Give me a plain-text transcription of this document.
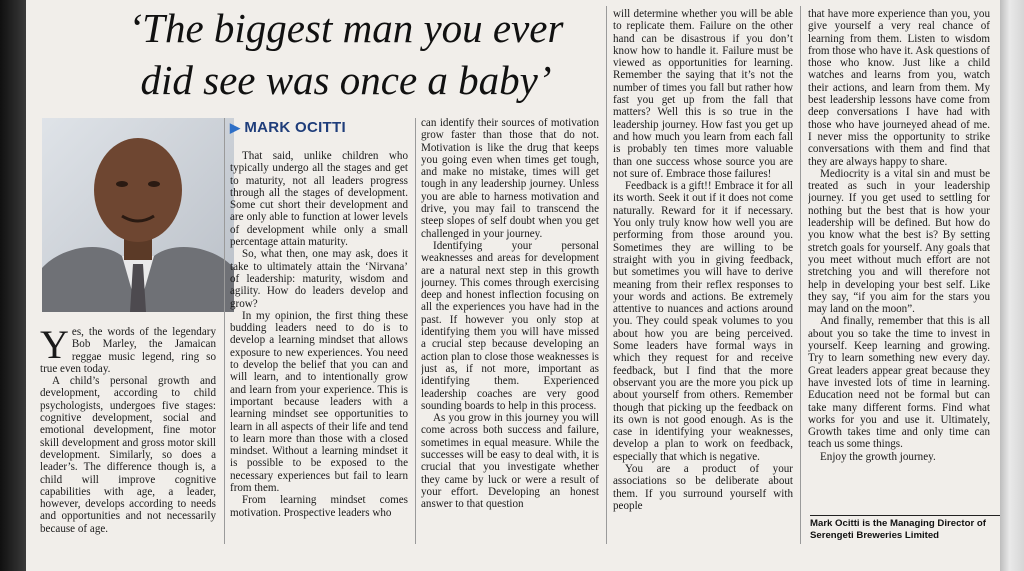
‘The biggest man you ever
did see was once a baby’
▶ MARK OCITTI

Yes, the words of the legendary Bob Marley, the Jamaican reggae music legend, ring so true even today.

A child’s personal growth and development, according to child psychologists, undergoes five stages: cognitive development, social and emotional development, fine motor skill development and gross motor skill development. Similarly, so does a leader’s. The difference though is, a child will improve cognitive capabilities with age, a leader, however, develops according to needs and opportunities and not necessarily because of age.

That said, unlike children who typically undergo all the stages and get to maturity, not all leaders progress through all the stages of development. Some cut short their development and are only able to function at lower levels of development while only a small percentage attain maturity.

So, what then, one may ask, does it take to ultimately attain the ‘Nirvana’ of leadership: maturity, wisdom and agility. How do leaders develop and grow?

In my opinion, the first thing these budding leaders need to do is to develop a learning mindset that allows exposure to new experiences. You need to develop the belief that you can and will learn, and to intentionally grow and learn from your experience. This is important because leaders with a learning mindset see opportunities to learn in all aspects of their life and tend to learn more than those with a closed mindset. Without a learning mindset it is possible to be exposed to the necessary experiences but fail to learn from them.

From learning mindset comes motivation. Prospective leaders who

can identify their sources of motivation grow faster than those that do not. Motivation is like the drug that keeps you going even when times get tough, and make no mistake, times will get tough in any leadership journey. Unless you are able to harness motivation and drive, you may fail to transcend the steep slopes of self doubt when you get challenged in your journey.

Identifying your personal weaknesses and areas for development are a natural next step in this growth journey. This comes through exercising deep and honest inflection focusing on all the experiences you have had in the past. If however you only stop at identifying them you will have missed a crucial step because developing an action plan to close those weaknesses is just as, if not more, important as identifying them. Experienced leadership coaches are very good sounding boards to help in this process.

As you grow in this journey you will come across both success and failure, sometimes in equal measure. While the successes will be easy to deal with, it is crucial that you investigate whether they came by luck or were a result of your effort. Developing an honest answer to that question

will determine whether you will be able to replicate them. Failure on the other hand can be disastrous if you don’t know how to handle it. Failure must be viewed as opportunities for learning. Remember the saying that it’s not the number of times you fall but rather how fast you get up from the fall that matters? Well this is so true in the leadership journey. How fast you get up and how much you learn from each fall is probably ten times more valuable than one success whose source you are not sure of. Embrace those failures!

Feedback is a gift!! Embrace it for all its worth. Seek it out if it does not come naturally. Reward for it if necessary. You only truly know how well you are performing from those around you. Sometimes they are willing to be straight with you in giving feedback, but sometimes you will have to derive meaning from their reflex responses to your words and actions. Be extremely attentive to nuances and actions around you. They could speak volumes to you about how you are being perceived. Some leaders have formal ways in which they request for and receive feedback, but I find that the more observant you are the more you pick up about yourself from others. Remember though that picking up the feedback on its own is not good enough. As is the case in identifying your weaknesses, develop a plan to work on feedback, especially that which is negative.

You are a product of your associations so be deliberate about them. If you surround yourself with people

that have more experience than you, you give yourself a very real chance of learning from them. Listen to wisdom from those who have it. Ask questions of those who know. Just like a child watches and learns from you, watch their actions, and learn from them. My best leadership lessons have come from deep conversations I have had with those who have journeyed ahead of me. I never miss the opportunity to strike conversations with them and find that they are always happy to share.

Mediocrity is a vital sin and must be treated as such in your leadership journey. If you get used to settling for nothing but the best that is how your leadership will be defined. But how do you know what the best is? By setting stretch goals for yourself. Any goals that you meet without much effort are not stretching you and will therefore not help in developing your best self. Like they say, “if you aim for the stars you may land on the moon”.

And finally, remember that this is all about you so take the time to invest in yourself. Keep learning and growing. Try to learn something new every day. Great leaders appear great because they have invested lots of time in learning. Education need not be formal but can take many different forms. Find what works for you and use it. Ultimately, Growth takes time and only time can teach us some things.

Enjoy the growth journey.

Mark Ocitti is the Managing Director of Serengeti Breweries Limited
